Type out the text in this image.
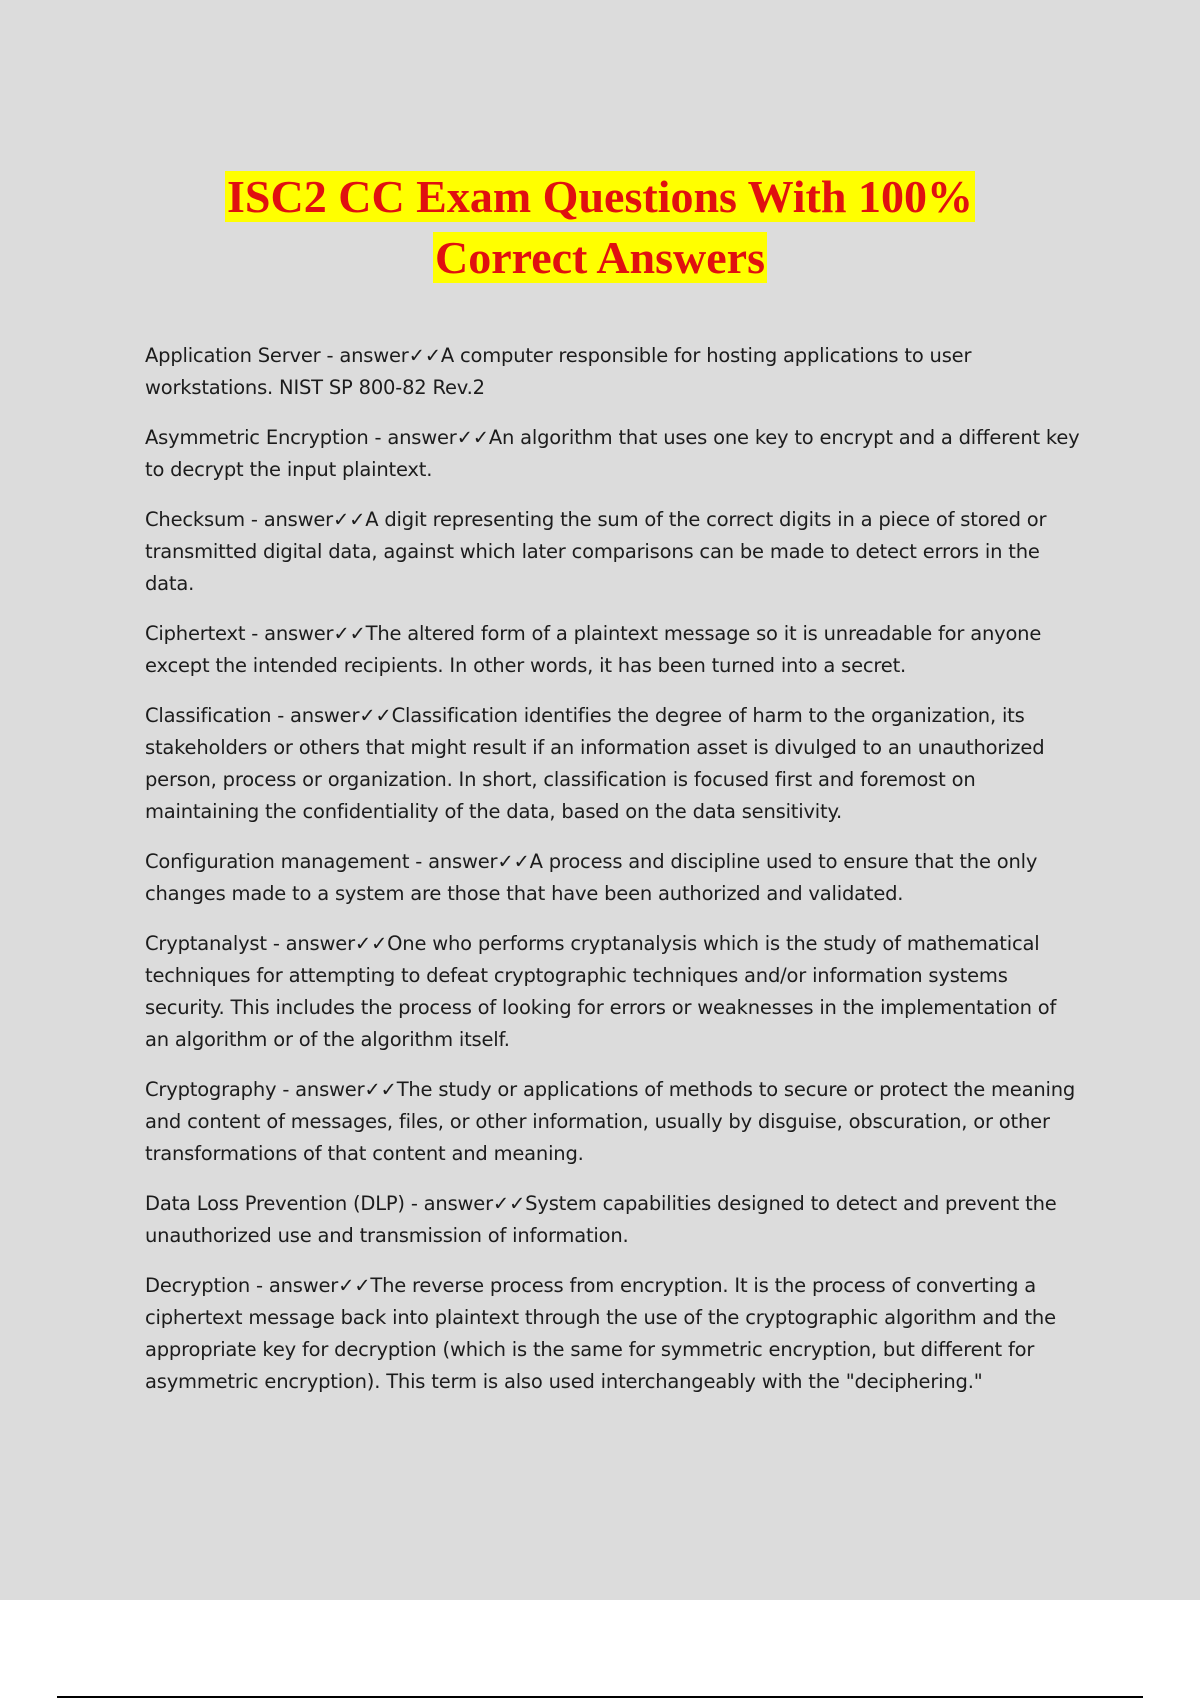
ISC2 CC Exam Questions With 100%
Correct Answers

Application Server - answer✓✓A computer responsible for hosting applications to user workstations. NIST SP 800-82 Rev.2

Asymmetric Encryption - answer✓✓An algorithm that uses one key to encrypt and a different key to decrypt the input plaintext.

Checksum - answer✓✓A digit representing the sum of the correct digits in a piece of stored or transmitted digital data, against which later comparisons can be made to detect errors in the data.

Ciphertext - answer✓✓The altered form of a plaintext message so it is unreadable for anyone except the intended recipients. In other words, it has been turned into a secret.

Classification - answer✓✓Classification identifies the degree of harm to the organization, its stakeholders or others that might result if an information asset is divulged to an unauthorized person, process or organization. In short, classification is focused first and foremost on maintaining the confidentiality of the data, based on the data sensitivity.

Configuration management - answer✓✓A process and discipline used to ensure that the only changes made to a system are those that have been authorized and validated.

Cryptanalyst - answer✓✓One who performs cryptanalysis which is the study of mathematical techniques for attempting to defeat cryptographic techniques and/or information systems security. This includes the process of looking for errors or weaknesses in the implementation of an algorithm or of the algorithm itself.

Cryptography - answer✓✓The study or applications of methods to secure or protect the meaning and content of messages, files, or other information, usually by disguise, obscuration, or other transformations of that content and meaning.

Data Loss Prevention (DLP) - answer✓✓System capabilities designed to detect and prevent the unauthorized use and transmission of information.

Decryption - answer✓✓The reverse process from encryption. It is the process of converting a ciphertext message back into plaintext through the use of the cryptographic algorithm and the appropriate key for decryption (which is the same for symmetric encryption, but different for asymmetric encryption). This term is also used interchangeably with the "deciphering."
